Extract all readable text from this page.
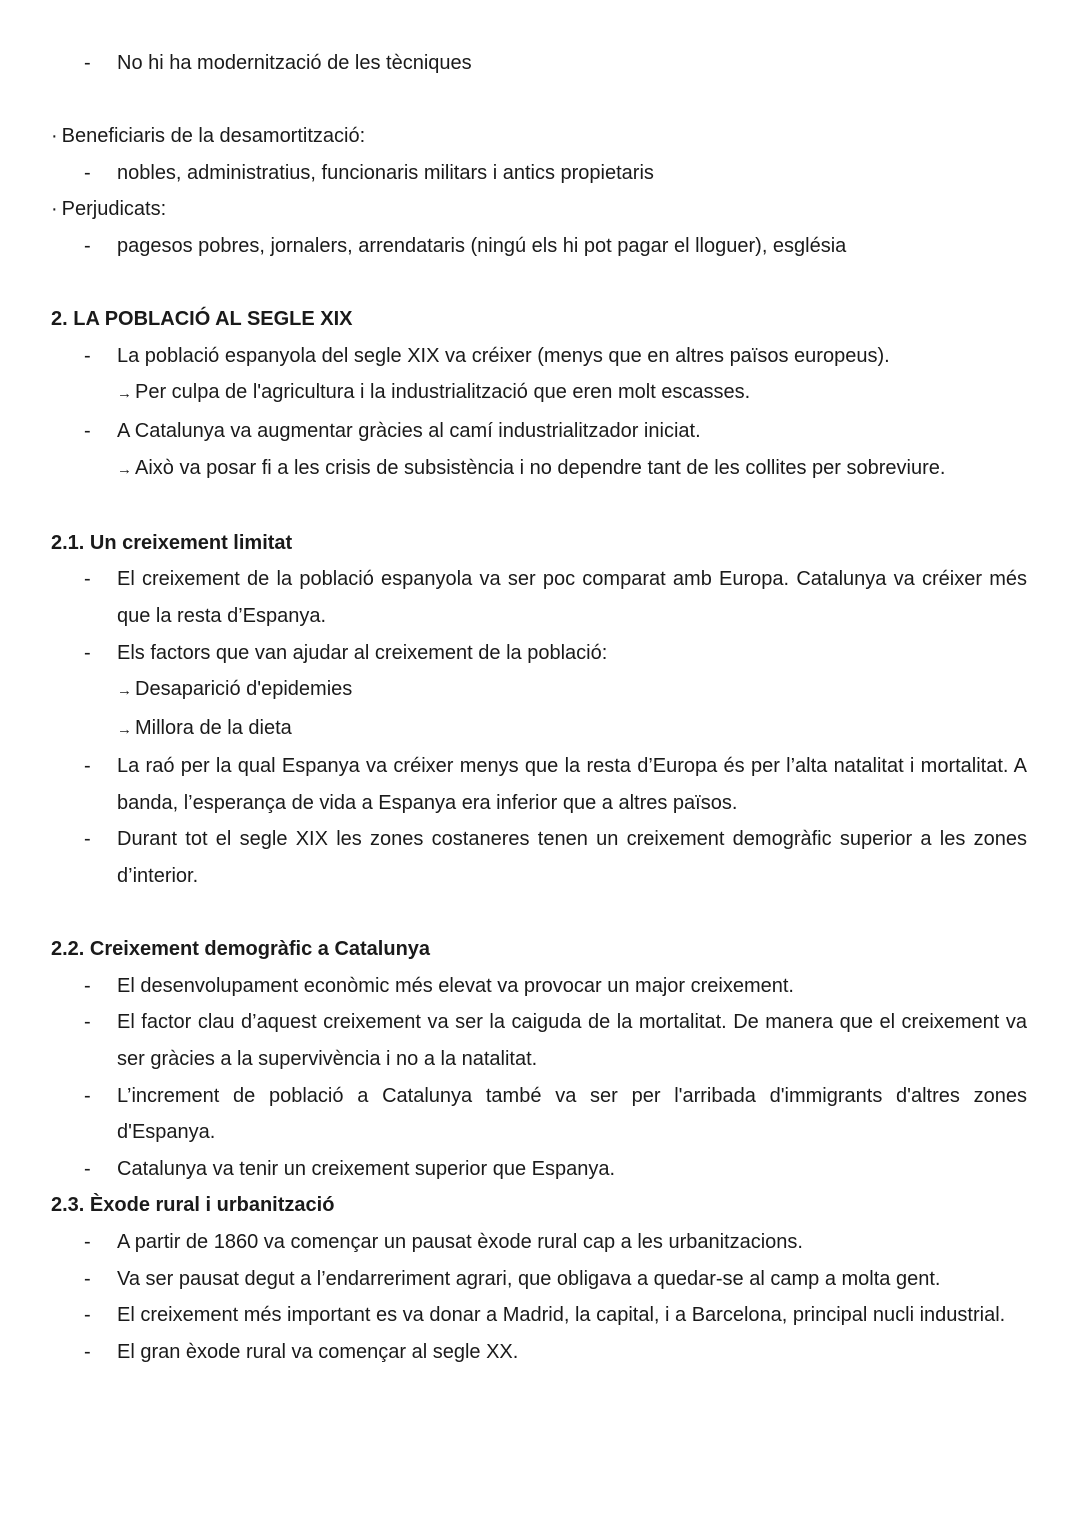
- No hi ha modernització de les tècniques
· Beneficiaris de la desamortització:
- nobles, administratius, funcionaris militars i antics propietaris
· Perjudicats:
- pagesos pobres, jornalers, arrendataris (ningú els hi pot pagar el lloguer), església
2. LA POBLACIÓ AL SEGLE XIX
- La població espanyola del segle XIX va créixer (menys que en altres països europeus).
→ Per culpa de l'agricultura i la industrialització que eren molt escasses.
- A Catalunya va augmentar gràcies al camí industrialitzador iniciat.
→ Això va posar fi a les crisis de subsistència i no dependre tant de les collites per sobreviure.
2.1. Un creixement limitat
- El creixement de la població espanyola va ser poc comparat amb Europa. Catalunya va créixer més que la resta d’Espanya.
- Els factors que van ajudar al creixement de la població:
→ Desaparició d'epidemies
→ Millora de la dieta
- La raó per la qual Espanya va créixer menys que la resta d’Europa és per l’alta natalitat i mortalitat. A banda, l’esperança de vida a Espanya era inferior que a altres països.
- Durant tot el segle XIX les zones costaneres tenen un creixement demogràfic superior a les zones d’interior.
2.2. Creixement demogràfic a Catalunya
- El desenvolupament econòmic més elevat va provocar un major creixement.
- El factor clau d’aquest creixement va ser la caiguda de la mortalitat. De manera que el creixement va ser gràcies a la supervivència i no a la natalitat.
- L’increment de població a Catalunya també va ser per l'arribada d'immigrants d'altres zones d'Espanya.
- Catalunya va tenir un creixement superior que Espanya.
2.3. Èxode rural i urbanització
- A partir de 1860 va començar un pausat èxode rural cap a les urbanitzacions.
- Va ser pausat degut a l’endarreriment agrari, que obligava a quedar-se al camp a molta gent.
- El creixement més important es va donar a Madrid, la capital, i a Barcelona, principal nucli industrial.
- El gran èxode rural va començar al segle XX.
